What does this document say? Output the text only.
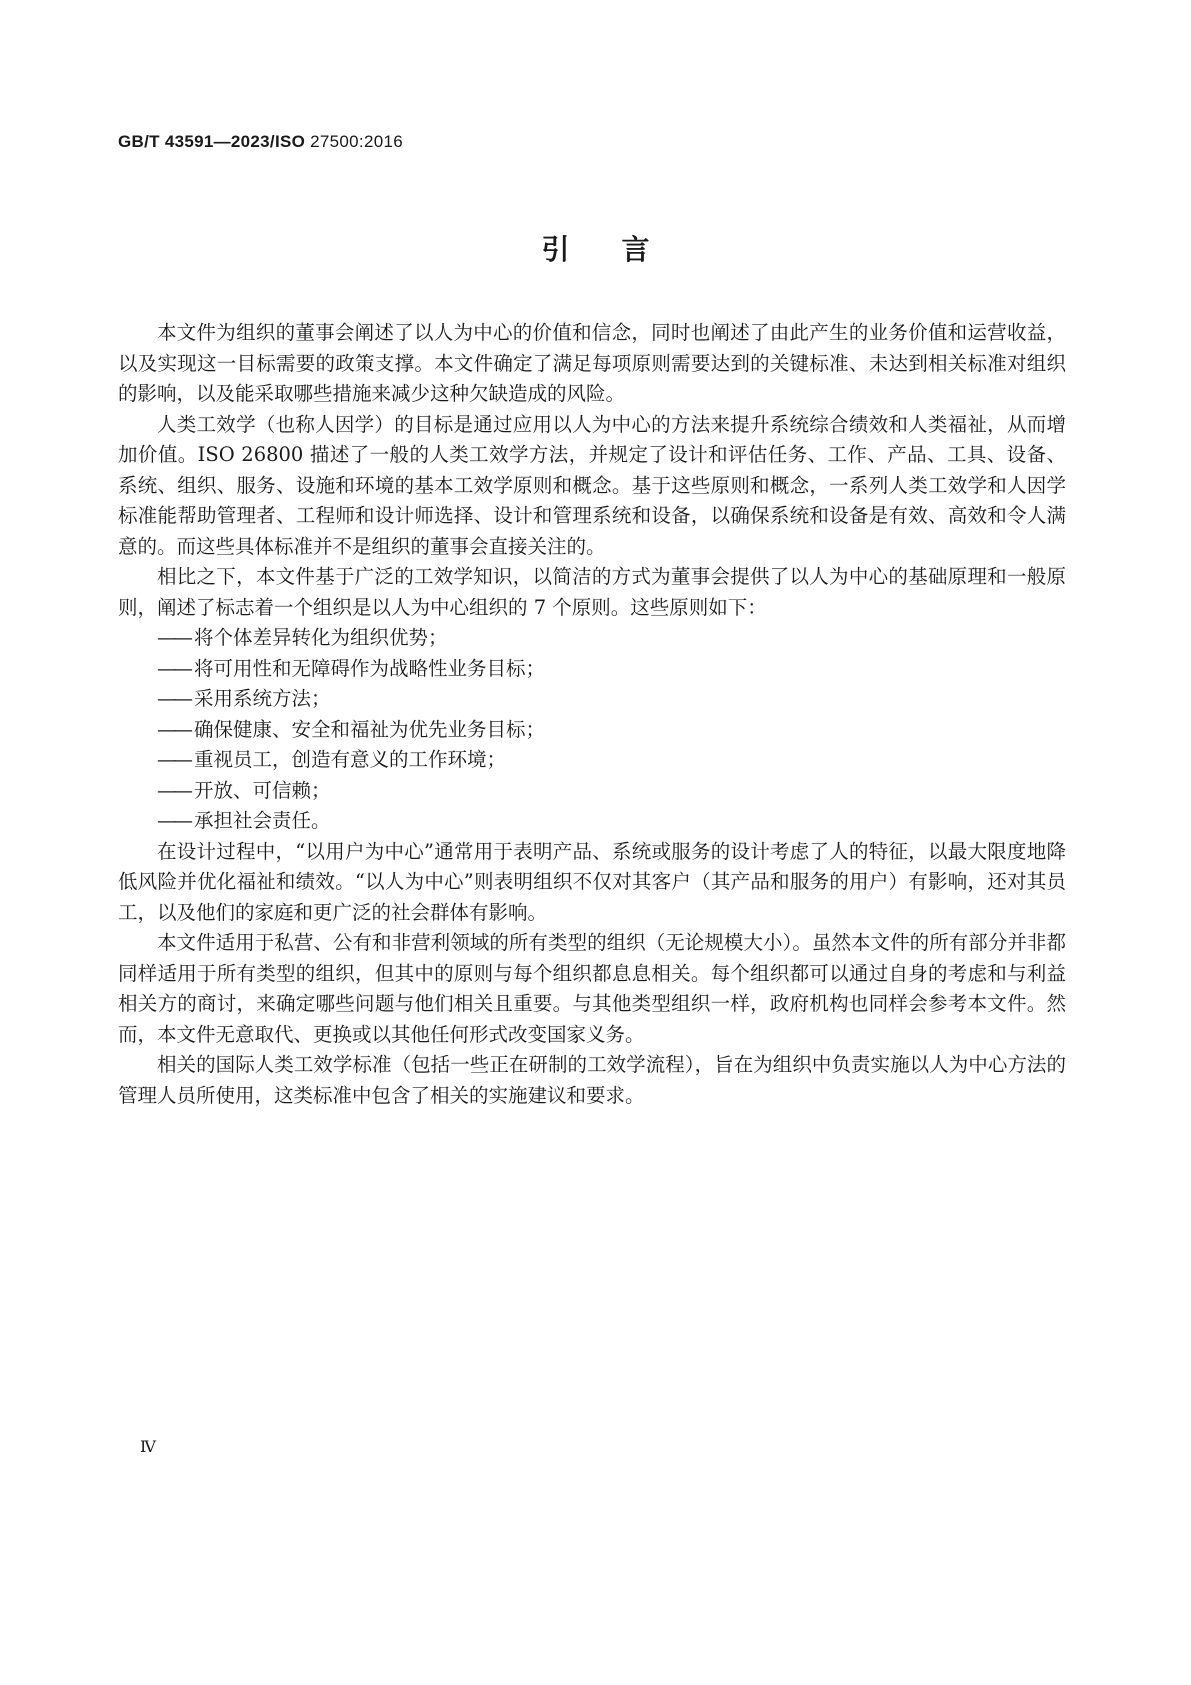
GB/T 43591—2023/ISO 27500:2016
引言

本文件为组织的董事会阐述了以人为中心的价值和信念，同时也阐述了由此产生的业务价值和运营收益，以及实现这一目标需要的政策支撑。本文件确定了满足每项原则需要达到的关键标准、未达到相关标准对组织的影响，以及能采取哪些措施来减少这种欠缺造成的风险。

人类工效学（也称人因学）的目标是通过应用以人为中心的方法来提升系统综合绩效和人类福祉，从而增加价值。ISO 26800 描述了一般的人类工效学方法，并规定了设计和评估任务、工作、产品、工具、设备、系统、组织、服务、设施和环境的基本工效学原则和概念。基于这些原则和概念，一系列人类工效学和人因学标准能帮助管理者、工程师和设计师选择、设计和管理系统和设备，以确保系统和设备是有效、高效和令人满意的。而这些具体标准并不是组织的董事会直接关注的。

相比之下，本文件基于广泛的工效学知识，以简洁的方式为董事会提供了以人为中心的基础原理和一般原则，阐述了标志着一个组织是以人为中心组织的 7 个原则。这些原则如下：

—— 将个体差异转化为组织优势；
—— 将可用性和无障碍作为战略性业务目标；
—— 采用系统方法；
—— 确保健康、安全和福祉为优先业务目标；
—— 重视员工，创造有意义的工作环境；
—— 开放、可信赖；
—— 承担社会责任。

在设计过程中，“以用户为中心”通常用于表明产品、系统或服务的设计考虑了人的特征，以最大限度地降低风险并优化福祉和绩效。“以人为中心”则表明组织不仅对其客户（其产品和服务的用户）有影响，还对其员工，以及他们的家庭和更广泛的社会群体有影响。

本文件适用于私营、公有和非营利领域的所有类型的组织（无论规模大小）。虽然本文件的所有部分并非都同样适用于所有类型的组织，但其中的原则与每个组织都息息相关。每个组织都可以通过自身的考虑和与利益相关方的商讨，来确定哪些问题与他们相关且重要。与其他类型组织一样，政府机构也同样会参考本文件。然而，本文件无意取代、更换或以其他任何形式改变国家义务。

相关的国际人类工效学标准（包括一些正在研制的工效学流程），旨在为组织中负责实施以人为中心方法的管理人员所使用，这类标准中包含了相关的实施建议和要求。

Ⅳ
